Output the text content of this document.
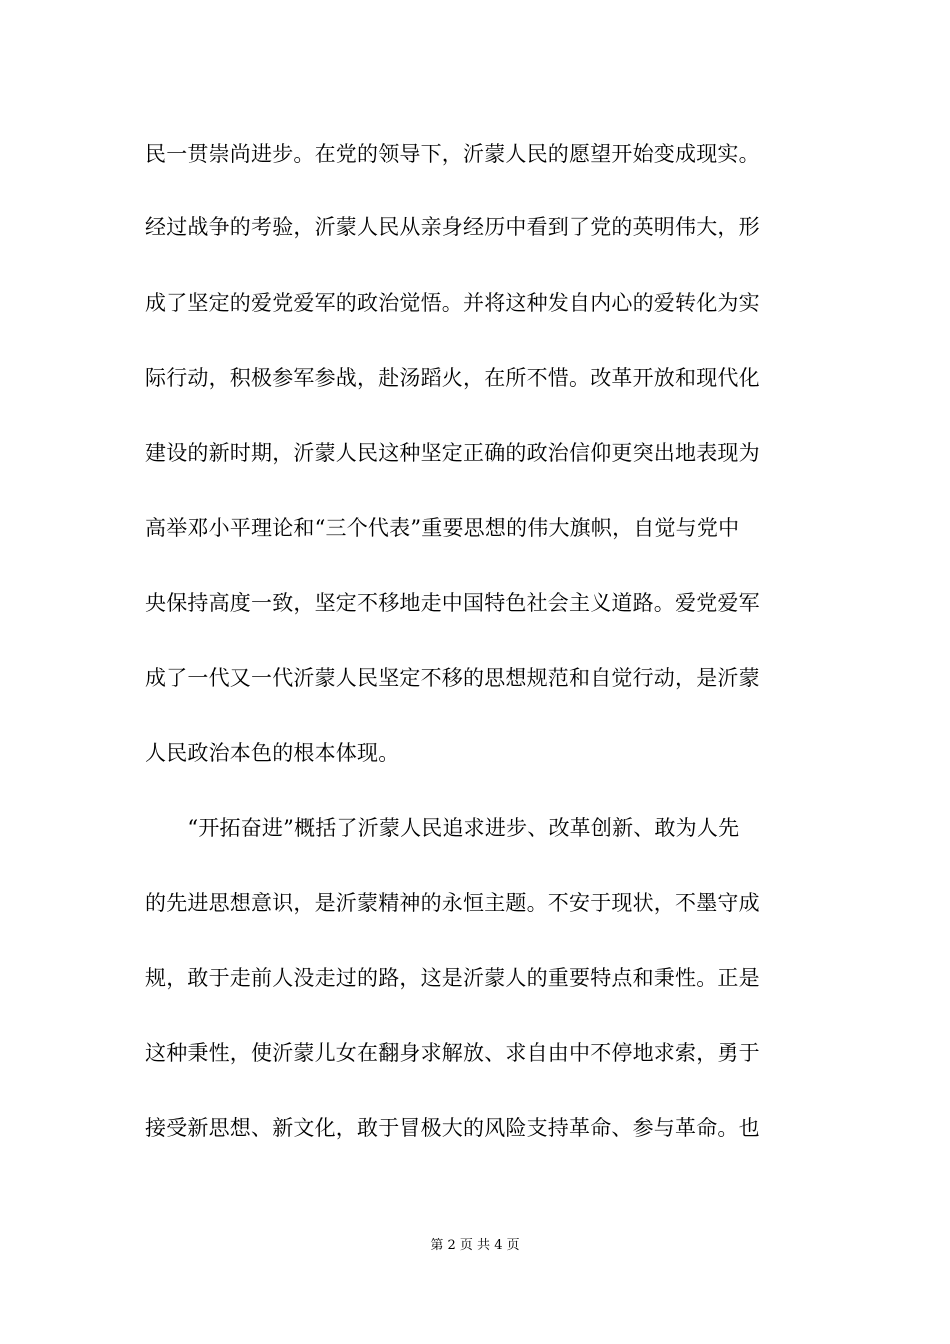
民一贯崇尚进步。在党的领导下，沂蒙人民的愿望开始变成现实。
经过战争的考验，沂蒙人民从亲身经历中看到了党的英明伟大，形
成了坚定的爱党爱军的政治觉悟。并将这种发自内心的爱转化为实
际行动，积极参军参战，赴汤蹈火，在所不惜。改革开放和现代化
建设的新时期，沂蒙人民这种坚定正确的政治信仰更突出地表现为
高举邓小平理论和“三个代表”重要思想的伟大旗帜，自觉与党中
央保持高度一致，坚定不移地走中国特色社会主义道路。爱党爱军
成了一代又一代沂蒙人民坚定不移的思想规范和自觉行动，是沂蒙
人民政治本色的根本体现。
　　“开拓奋进”概括了沂蒙人民追求进步、改革创新、敢为人先
的先进思想意识，是沂蒙精神的永恒主题。不安于现状，不墨守成
规，敢于走前人没走过的路，这是沂蒙人的重要特点和秉性。正是
这种秉性，使沂蒙儿女在翻身求解放、求自由中不停地求索，勇于
接受新思想、新文化，敢于冒极大的风险支持革命、参与革命。也
第 2 页 共 4 页
